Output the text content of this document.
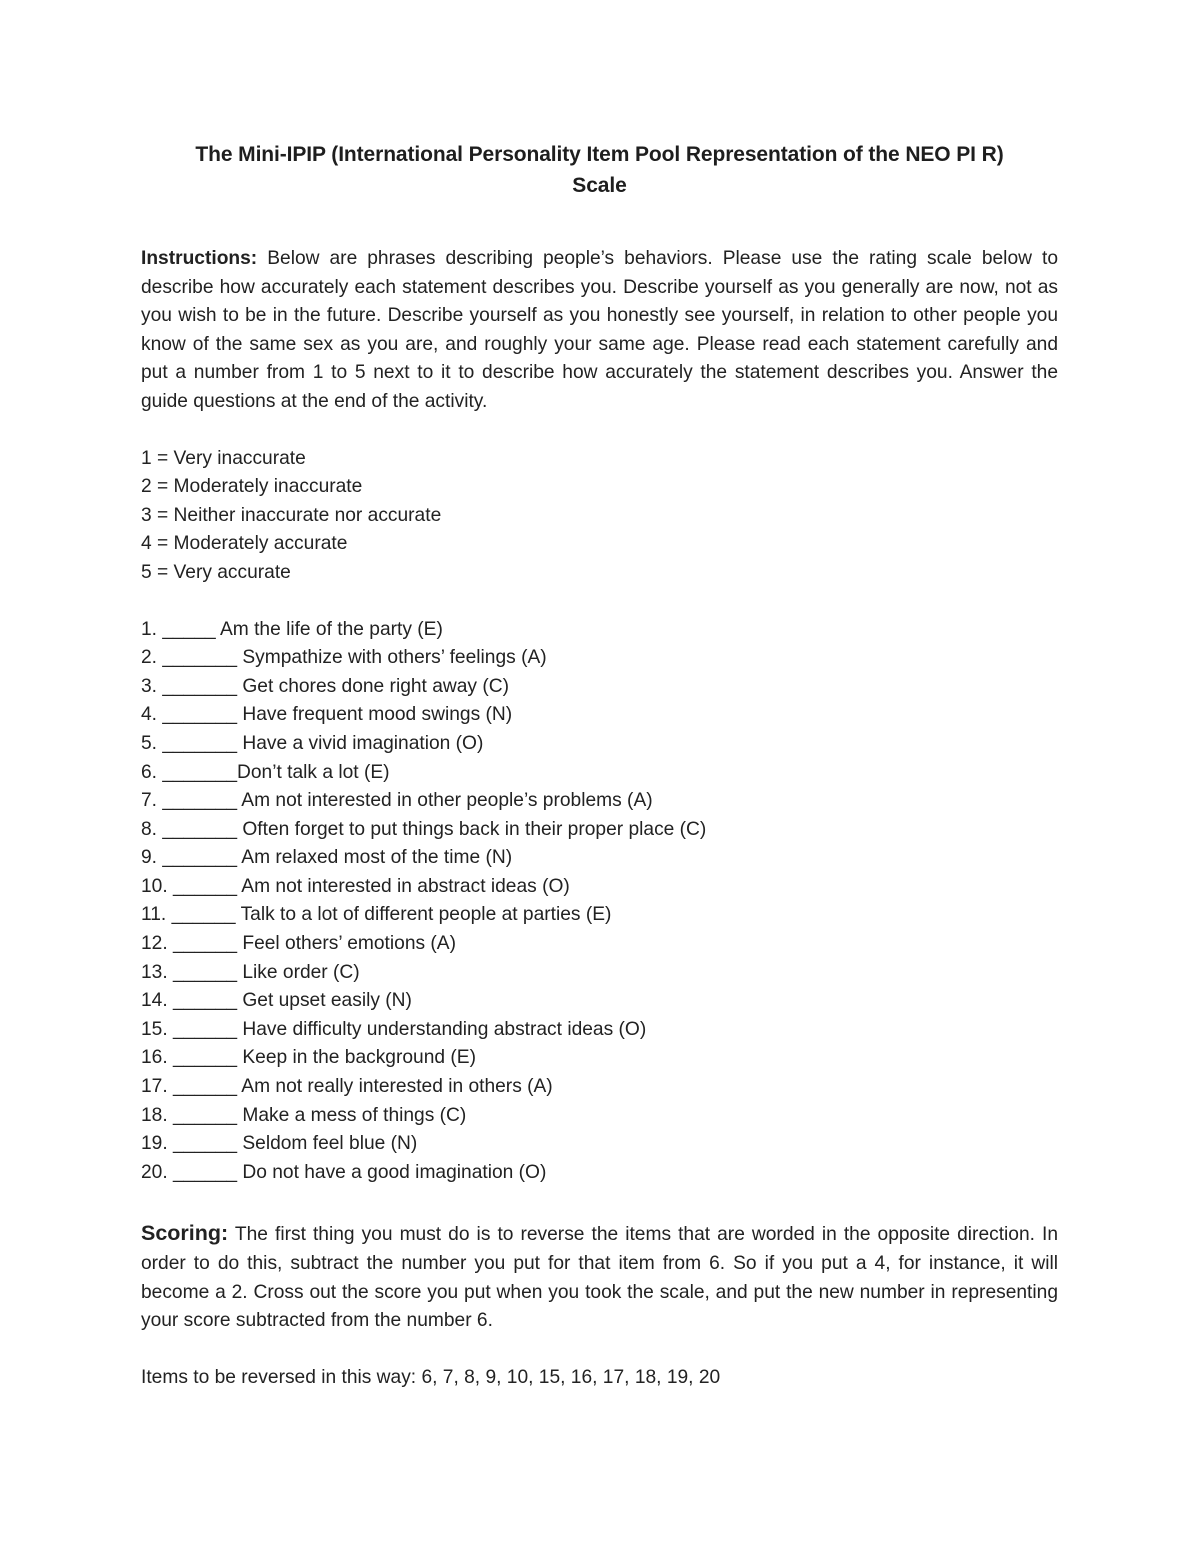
The Mini-IPIP (International Personality Item Pool Representation of the NEO PI R)
Scale

Instructions: Below are phrases describing people’s behaviors. Please use the rating scale below to describe how accurately each statement describes you. Describe yourself as you generally are now, not as you wish to be in the future. Describe yourself as you honestly see yourself, in relation to other people you know of the same sex as you are, and roughly your same age. Please read each statement carefully and put a number from 1 to 5 next to it to describe how accurately the statement describes you. Answer the guide questions at the end of the activity.

1 = Very inaccurate
2 = Moderately inaccurate
3 = Neither inaccurate nor accurate
4 = Moderately accurate
5 = Very accurate
1. _____ Am the life of the party (E)
2. _______ Sympathize with others’ feelings (A)
3. _______ Get chores done right away (C)
4. _______ Have frequent mood swings (N)
5. _______ Have a vivid imagination (O)
6. _______Don’t talk a lot (E)
7. _______ Am not interested in other people’s problems (A)
8. _______ Often forget to put things back in their proper place (C)
9. _______ Am relaxed most of the time (N)
10. ______ Am not interested in abstract ideas (O)
11. ______ Talk to a lot of different people at parties (E)
12. ______ Feel others’ emotions (A)
13. ______ Like order (C)
14. ______ Get upset easily (N)
15. ______ Have difficulty understanding abstract ideas (O)
16. ______ Keep in the background (E)
17. ______ Am not really interested in others (A)
18. ______ Make a mess of things (C)
19. ______ Seldom feel blue (N)
20. ______ Do not have a good imagination (O)

Scoring: The first thing you must do is to reverse the items that are worded in the opposite direction. In order to do this, subtract the number you put for that item from 6. So if you put a 4, for instance, it will become a 2. Cross out the score you put when you took the scale, and put the new number in representing your score subtracted from the number 6.

Items to be reversed in this way: 6, 7, 8, 9, 10, 15, 16, 17, 18, 19, 20
